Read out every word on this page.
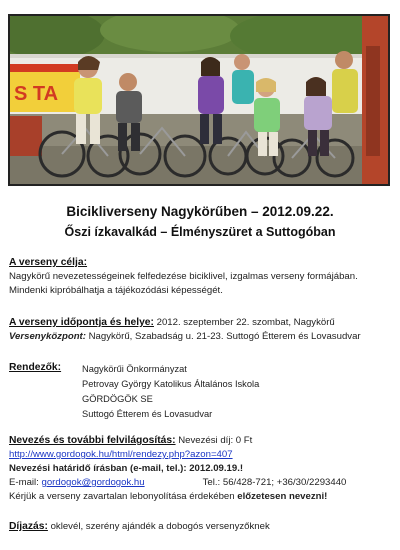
S TA
Bicikliverseny Nagykörűben – 2012.09.22.
Őszi ízkavalkád – Élményszüret a Suttogóban
A verseny célja:
Nagykörű nevezetességeinek felfedezése biciklivel, izgalmas verseny formájában.
Mindenki kipróbálhatja a tájékozódási képességét.
A verseny időpontja és helye: 2012. szeptember 22. szombat, Nagykörű
Versenyközpont: Nagykörű, Szabadság u. 21-23. Suttogó Étterem és Lovasudvar
Rendezők: Nagykörűi Önkormányzat
Petrovay György Katolikus Általános Iskola
GÖRDÖGÖK SE
Suttogó Étterem és Lovasudvar
Nevezés és további felvilágosítás: Nevezési díj: 0 Ft
http://www.gordogok.hu/html/rendezy.php?azon=407
Nevezési határidő írásban (e-mail, tel.): 2012.09.19.!
E-mail: gordogok@gordogok.hu	Tel.: 56/428-721; +36/30/2293440
Kérjük a verseny zavartalan lebonyolítása érdekében előzetesen nevezni!
Díjazás: oklevél, szerény ajándék a dobogós versenyzőknek
